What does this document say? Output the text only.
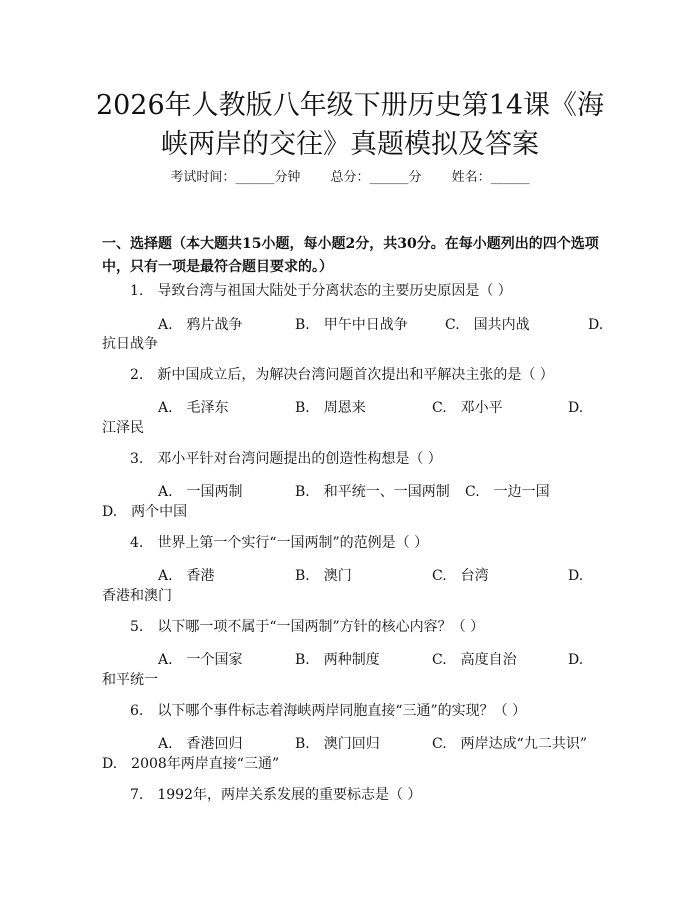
2026年人教版八年级下册历史第14课《海
峡两岸的交往》真题模拟及答案
考试时间：______分钟 总分：______分 姓名：______

一、选择题（本大题共15小题，每小题2分，共30分。在每小题列出的四个选项中，只有一项是最符合题目要求的。）

1.　导致台湾与祖国大陆处于分离状态的主要历史原因是（ ）
A.　鸦片战争	B.　甲午中日战争	C.　国共内战	D.
抗日战争
2.　新中国成立后，为解决台湾问题首次提出和平解决主张的是（ ）
A.　毛泽东	B.　周恩来	C.　邓小平	D.
江泽民
3.　邓小平针对台湾问题提出的创造性构想是（ ）
A.　一国两制	B.　和平统一、一国两制 C.　一边一国
D.　两个中国
4.　世界上第一个实行“一国两制”的范例是（ ）
A.　香港	B.　澳门	C.　台湾	D.
香港和澳门
5.　以下哪一项不属于“一国两制”方针的核心内容？（ ）
A.　一个国家	B.　两种制度	C.　高度自治	D.
和平统一
6.　以下哪个事件标志着海峡两岸同胞直接“三通”的实现？（ ）
A.　香港回归	B.　澳门回归	C.　两岸达成“九二共识”
D.　2008年两岸直接“三通”
7.　1992年，两岸关系发展的重要标志是（ ）
